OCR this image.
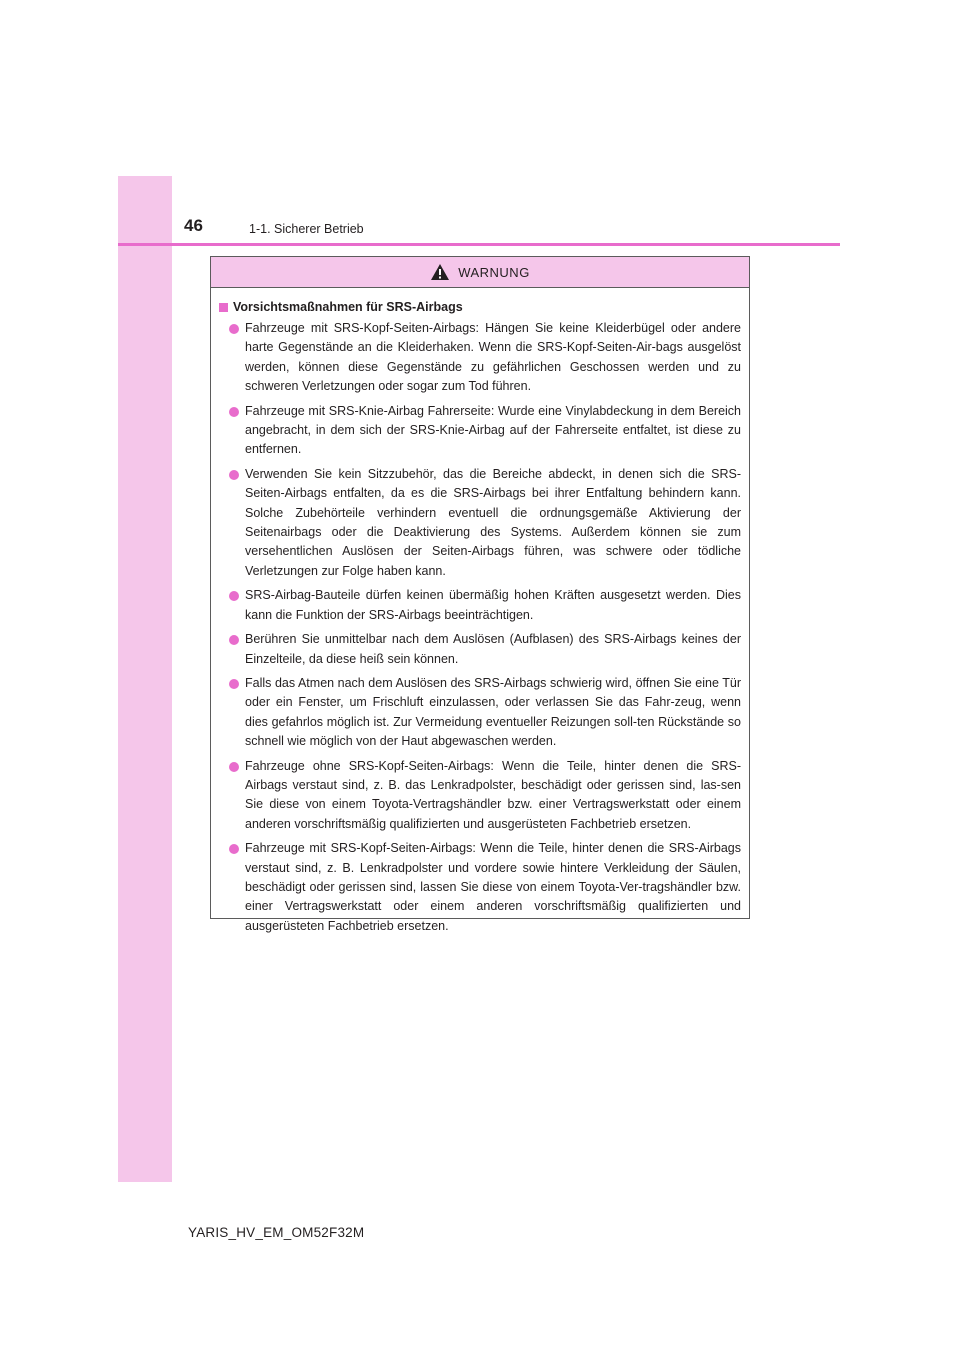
46	1-1. Sicherer Betrieb
WARNUNG
Vorsichtsmaßnahmen für SRS-Airbags
Fahrzeuge mit SRS-Kopf-Seiten-Airbags: Hängen Sie keine Kleiderbügel oder andere harte Gegenstände an die Kleiderhaken. Wenn die SRS-Kopf-Seiten-Air-bags ausgelöst werden, können diese Gegenstände zu gefährlichen Geschossen werden und zu schweren Verletzungen oder sogar zum Tod führen.
Fahrzeuge mit SRS-Knie-Airbag Fahrerseite: Wurde eine Vinylabdeckung in dem Bereich angebracht, in dem sich der SRS-Knie-Airbag auf der Fahrerseite entfaltet, ist diese zu entfernen.
Verwenden Sie kein Sitzzubehör, das die Bereiche abdeckt, in denen sich die SRS-Seiten-Airbags entfalten, da es die SRS-Airbags bei ihrer Entfaltung behindern kann. Solche Zubehörteile verhindern eventuell die ordnungsgemäße Aktivierung der Seitenairbags oder die Deaktivierung des Systems. Außerdem können sie zum versehentlichen Auslösen der Seiten-Airbags führen, was schwere oder tödliche Verletzungen zur Folge haben kann.
SRS-Airbag-Bauteile dürfen keinen übermäßig hohen Kräften ausgesetzt werden. Dies kann die Funktion der SRS-Airbags beeinträchtigen.
Berühren Sie unmittelbar nach dem Auslösen (Aufblasen) des SRS-Airbags keines der Einzelteile, da diese heiß sein können.
Falls das Atmen nach dem Auslösen des SRS-Airbags schwierig wird, öffnen Sie eine Tür oder ein Fenster, um Frischluft einzulassen, oder verlassen Sie das Fahr-zeug, wenn dies gefahrlos möglich ist. Zur Vermeidung eventueller Reizungen soll-ten Rückstände so schnell wie möglich von der Haut abgewaschen werden.
Fahrzeuge ohne SRS-Kopf-Seiten-Airbags: Wenn die Teile, hinter denen die SRS-Airbags verstaut sind, z. B. das Lenkradpolster, beschädigt oder gerissen sind, las-sen Sie diese von einem Toyota-Vertragshändler bzw. einer Vertragswerkstatt oder einem anderen vorschriftsmäßig qualifizierten und ausgerüsteten Fachbetrieb ersetzen.
Fahrzeuge mit SRS-Kopf-Seiten-Airbags: Wenn die Teile, hinter denen die SRS-Airbags verstaut sind, z. B. Lenkradpolster und vordere sowie hintere Verkleidung der Säulen, beschädigt oder gerissen sind, lassen Sie diese von einem Toyota-Ver-tragshändler bzw. einer Vertragswerkstatt oder einem anderen vorschriftsmäßig qualifizierten und ausgerüsteten Fachbetrieb ersetzen.
YARIS_HV_EM_OM52F32M
